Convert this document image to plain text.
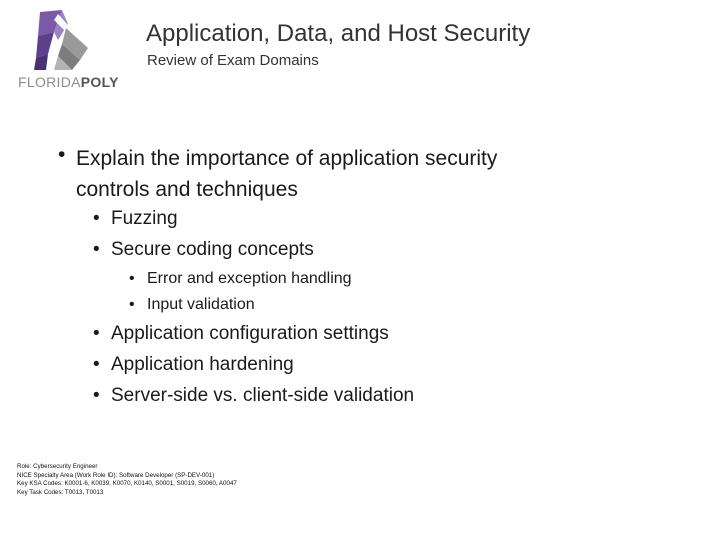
FLORIDAPOLY
Application, Data, and Host Security
Review of Exam Domains
• Explain the importance of application security
controls and techniques
• Fuzzing
• Secure coding concepts
• Error and exception handling
• Input validation
• Application configuration settings
• Application hardening
• Server-side vs. client-side validation
Role: Cybersecurity Engineer
NICE Specialty Area (Work Role ID): Software Developer (SP-DEV-001)
Key KSA Codes: K0001-6, K0039, K0070, K0140, S0001, S0019, S0060, A0047
Key Task Codes: T0013, T0013
